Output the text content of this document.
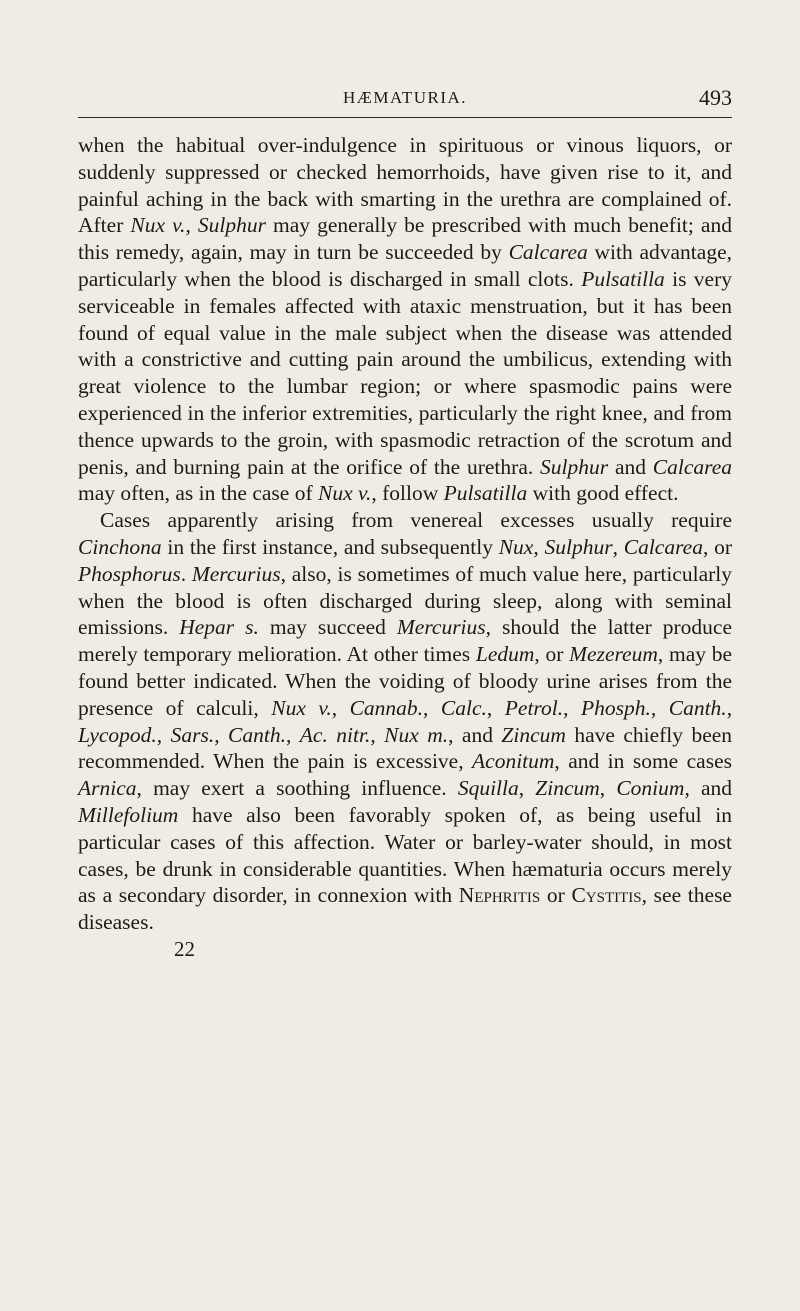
HÆMATURIA.	493

when the habitual over-indulgence in spirituous or vinous liquors, or suddenly suppressed or checked hemorrhoids, have given rise to it, and painful aching in the back with smarting in the urethra are complained of. After Nux v., Sulphur may generally be prescribed with much benefit; and this remedy, again, may in turn be succeeded by Calcarea with advantage, particularly when the blood is discharged in small clots. Pulsatilla is very serviceable in females affected with ataxic menstruation, but it has been found of equal value in the male subject when the disease was attended with a constrictive and cutting pain around the umbilicus, extending with great violence to the lumbar region; or where spasmodic pains were experienced in the inferior extremities, particularly the right knee, and from thence upwards to the groin, with spasmodic retraction of the scrotum and penis, and burning pain at the orifice of the urethra. Sulphur and Calcarea may often, as in the case of Nux v., follow Pulsatilla with good effect.

Cases apparently arising from venereal excesses usually require Cinchona in the first instance, and subsequently Nux, Sulphur, Calcarea, or Phosphorus. Mercurius, also, is sometimes of much value here, particularly when the blood is often discharged during sleep, along with seminal emissions. Hepar s. may succeed Mercurius, should the latter produce merely temporary melioration. At other times Ledum, or Mezereum, may be found better indicated. When the voiding of bloody urine arises from the presence of calculi, Nux v., Cannab., Calc., Petrol., Phosph., Canth., Lycopod., Sars., Canth., Ac. nitr., Nux m., and Zincum have chiefly been recommended. When the pain is excessive, Aconitum, and in some cases Arnica, may exert a soothing influence. Squilla, Zincum, Conium, and Millefolium have also been favorably spoken of, as being useful in particular cases of this affection. Water or barley-water should, in most cases, be drunk in considerable quantities. When hæmaturia occurs merely as a secondary disorder, in connexion with Nephritis or Cystitis, see these diseases.

22
